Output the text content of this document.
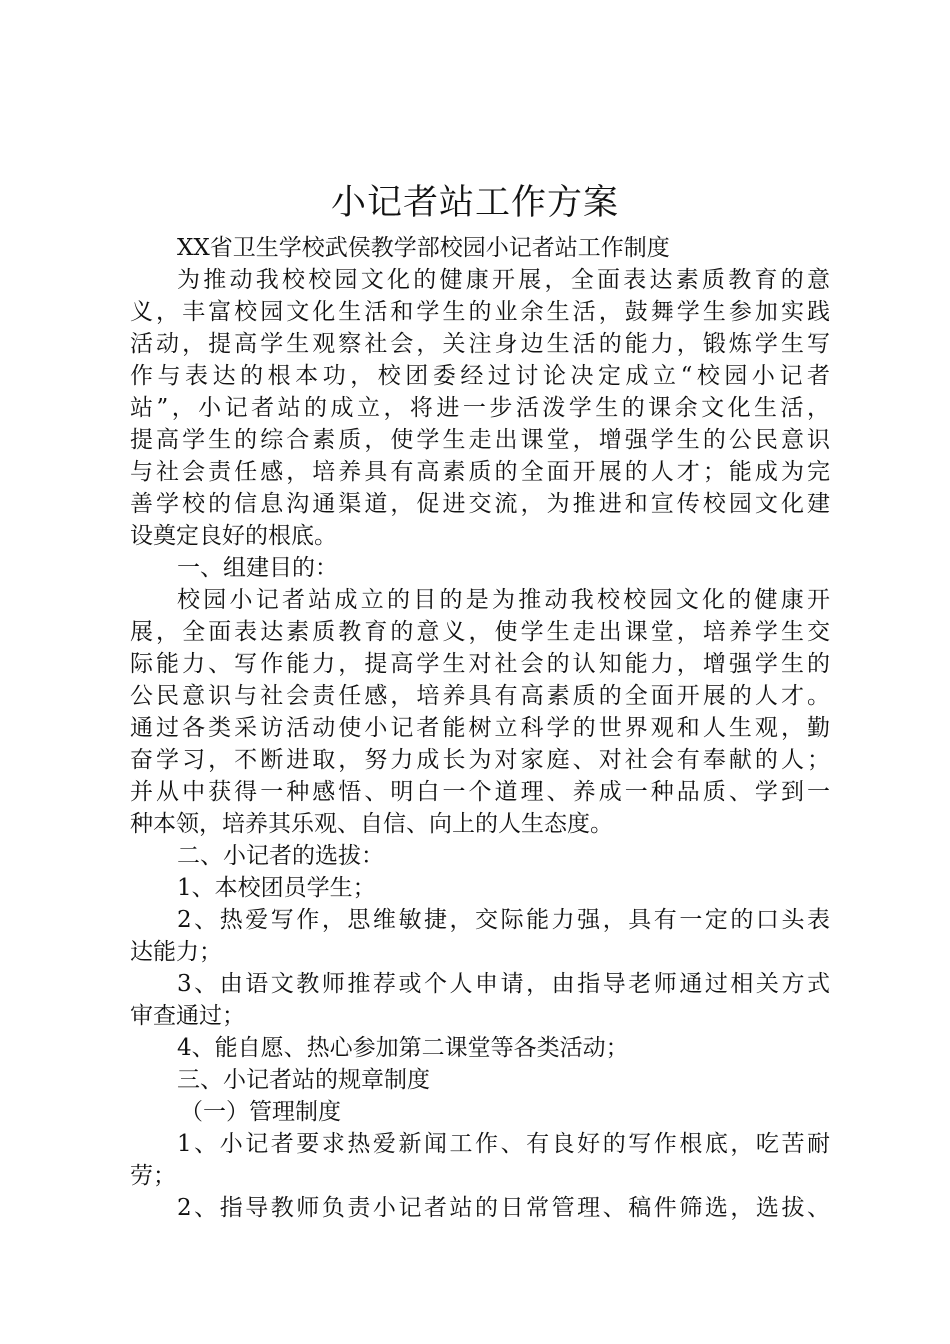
小记者站工作方案
XX省卫生学校武侯教学部校园小记者站工作制度
为推动我校校园文化的健康开展，全面表达素质教育的意
义，丰富校园文化生活和学生的业余生活，鼓舞学生参加实践
活动，提高学生观察社会，关注身边生活的能力，锻炼学生写
作与表达的根本功，校团委经过讨论决定成立“校园小记者
站”，小记者站的成立，将进一步活泼学生的课余文化生活，
提高学生的综合素质，使学生走出课堂，增强学生的公民意识
与社会责任感，培养具有高素质的全面开展的人才；能成为完
善学校的信息沟通渠道，促进交流，为推进和宣传校园文化建
设奠定良好的根底。
一、组建目的：
校园小记者站成立的目的是为推动我校校园文化的健康开
展，全面表达素质教育的意义，使学生走出课堂，培养学生交
际能力、写作能力，提高学生对社会的认知能力，增强学生的
公民意识与社会责任感，培养具有高素质的全面开展的人才。
通过各类采访活动使小记者能树立科学的世界观和人生观，勤
奋学习，不断进取，努力成长为对家庭、对社会有奉献的人；
并从中获得一种感悟、明白一个道理、养成一种品质、学到一
种本领，培养其乐观、自信、向上的人生态度。
二、小记者的选拔：
1、本校团员学生；
2、热爱写作，思维敏捷，交际能力强，具有一定的口头表
达能力；
3、由语文教师推荐或个人申请，由指导老师通过相关方式
审查通过；
4、能自愿、热心参加第二课堂等各类活动；
三、小记者站的规章制度
（一）管理制度
1、小记者要求热爱新闻工作、有良好的写作根底，吃苦耐
劳；
2、指导教师负责小记者站的日常管理、稿件筛选，选拔、
